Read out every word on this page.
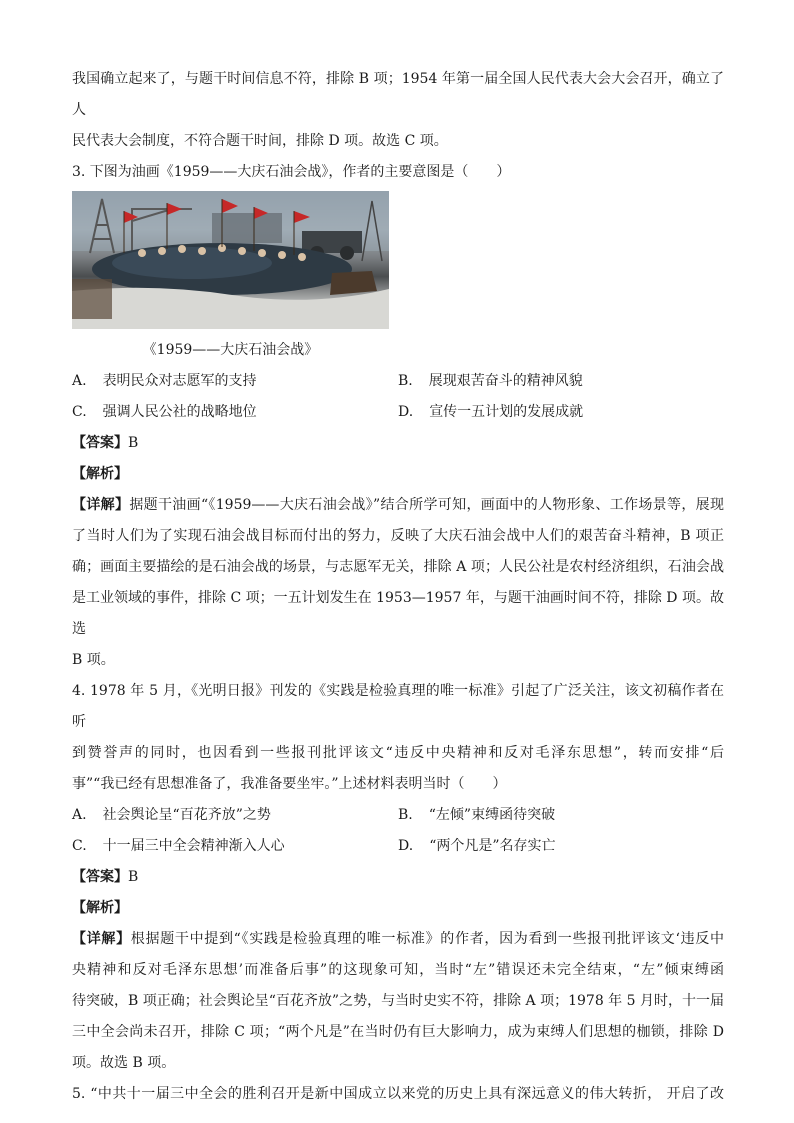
我国确立起来了，与题干时间信息不符，排除 B 项；1954 年第一届全国人民代表大会大会召开，确立了人

民代表大会制度，不符合题干时间，排除 D 项。故选 C 项。

3. 下图为油画《1959——大庆石油会战》，作者的主要意图是（　　）

《1959——大庆石油会战》

A. 表明民众对志愿军的支持	B. 展现艰苦奋斗的精神风貌
C. 强调人民公社的战略地位	D. 宣传一五计划的发展成就

【答案】B

【解析】

【详解】据题干油画“《1959——大庆石油会战》”结合所学可知，画面中的人物形象、工作场景等，展现

了当时人们为了实现石油会战目标而付出的努力，反映了大庆石油会战中人们的艰苦奋斗精神，B 项正

确；画面主要描绘的是石油会战的场景，与志愿军无关，排除 A 项；人民公社是农村经济组织，石油会战

是工业领域的事件，排除 C 项；一五计划发生在 1953—1957 年，与题干油画时间不符，排除 D 项。故选

B 项。

4. 1978 年 5 月，《光明日报》刊发的《实践是检验真理的唯一标准》引起了广泛关注，该文初稿作者在听

到赞誉声的同时，也因看到一些报刊批评该文“违反中央精神和反对毛泽东思想”，转而安排“后

事”“我已经有思想准备了，我准备要坐牢。”上述材料表明当时（　　）

A. 社会舆论呈“百花齐放”之势	B. “左倾”束缚函待突破
C. 十一届三中全会精神渐入人心	D. “两个凡是”名存实亡

【答案】B

【解析】

【详解】根据题干中提到“《实践是检验真理的唯一标准》的作者，因为看到一些报刊批评该文‘违反中

央精神和反对毛泽东思想’而准备后事”的这现象可知，当时“左”错误还未完全结束，“左”倾束缚函

待突破，B 项正确；社会舆论呈“百花齐放”之势，与当时史实不符，排除 A 项；1978 年 5 月时，十一届

三中全会尚未召开，排除 C 项；“两个凡是”在当时仍有巨大影响力，成为束缚人们思想的枷锁，排除 D

项。故选 B 项。

5. “中共十一届三中全会的胜利召开是新中国成立以来党的历史上具有深远意义的伟大转折， 开启了改
